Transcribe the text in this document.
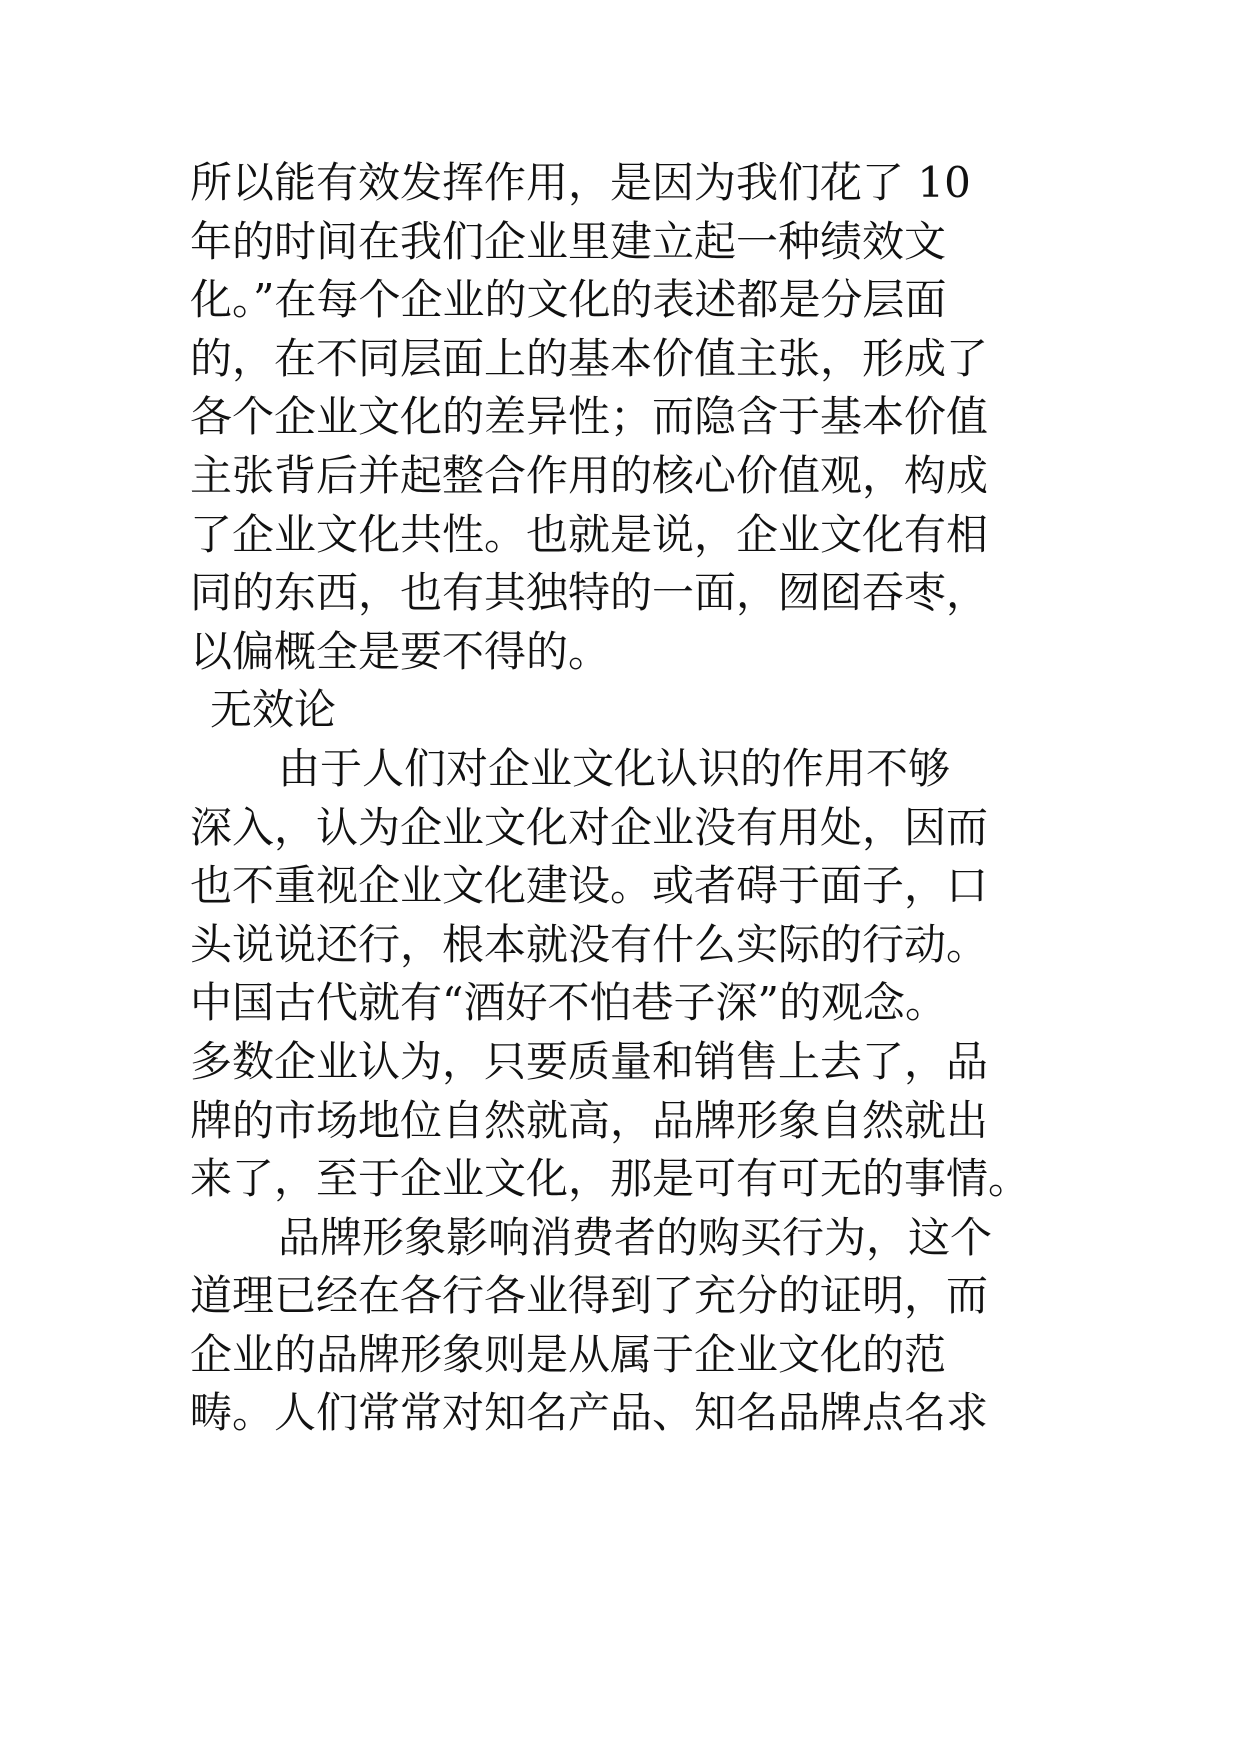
所以能有效发挥作用，是因为我们花了 10
年的时间在我们企业里建立起一种绩效文
化。”在每个企业的文化的表述都是分层面
的，在不同层面上的基本价值主张，形成了
各个企业文化的差异性；而隐含于基本价值
主张背后并起整合作用的核心价值观，构成
了企业文化共性。也就是说，企业文化有相
同的东西，也有其独特的一面，囫囵吞枣，
以偏概全是要不得的。
无效论
由于人们对企业文化认识的作用不够
深入，认为企业文化对企业没有用处，因而
也不重视企业文化建设。或者碍于面子，口
头说说还行，根本就没有什么实际的行动。
中国古代就有“酒好不怕巷子深”的观念。
多数企业认为，只要质量和销售上去了，品
牌的市场地位自然就高，品牌形象自然就出
来了，至于企业文化，那是可有可无的事情。
品牌形象影响消费者的购买行为，这个
道理已经在各行各业得到了充分的证明，而
企业的品牌形象则是从属于企业文化的范
畴。人们常常对知名产品、知名品牌点名求
